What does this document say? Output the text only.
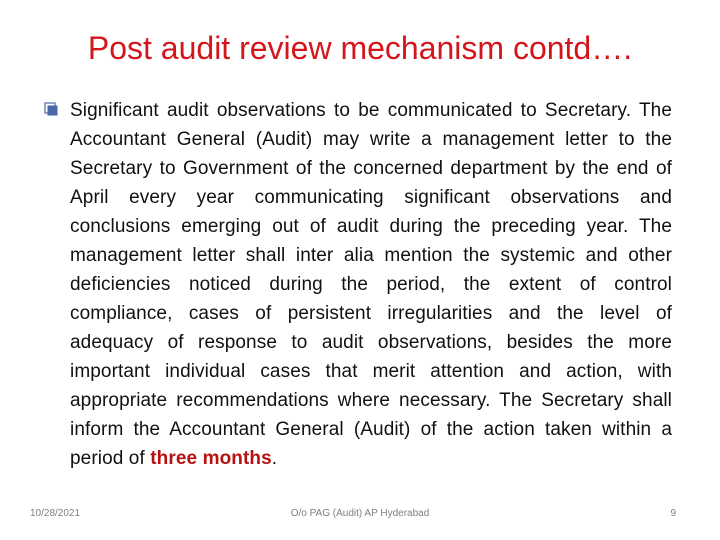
Post audit review mechanism contd….

Significant audit observations to be communicated to Secretary. The Accountant General (Audit) may write a management letter to the Secretary to Government of the concerned department by the end of April every year communicating significant observations and conclusions emerging out of audit during the preceding year. The management letter shall inter alia mention the systemic and other deficiencies noticed during the period, the extent of control compliance, cases of persistent irregularities and the level of adequacy of response to audit observations, besides the more important individual cases that merit attention and action, with appropriate recommendations where necessary. The Secretary shall inform the Accountant General (Audit) of the action taken within a period of three months.

10/28/2021	O/o PAG (Audit) AP Hyderabad	9
